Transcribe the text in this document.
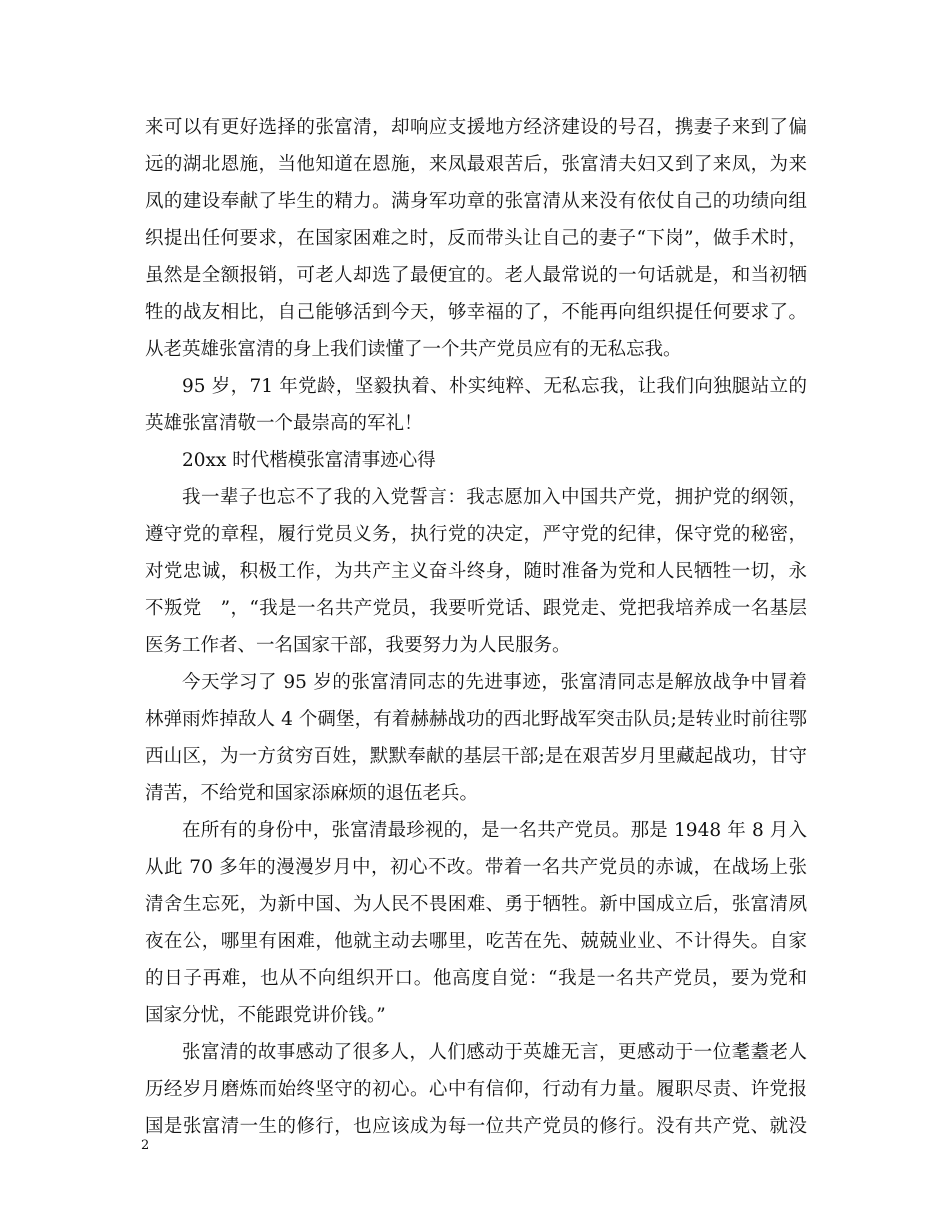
来可以有更好选择的张富清，却响应支援地方经济建设的号召，携妻子来到了偏
远的湖北恩施，当他知道在恩施，来凤最艰苦后，张富清夫妇又到了来凤，为来
凤的建设奉献了毕生的精力。满身军功章的张富清从来没有依仗自己的功绩向组
织提出任何要求，在国家困难之时，反而带头让自己的妻子“下岗”，做手术时，
虽然是全额报销，可老人却选了最便宜的。老人最常说的一句话就是，和当初牺
牲的战友相比，自己能够活到今天，够幸福的了，不能再向组织提任何要求了。
从老英雄张富清的身上我们读懂了一个共产党员应有的无私忘我。
95 岁，71 年党龄，坚毅执着、朴实纯粹、无私忘我，让我们向独腿站立的
英雄张富清敬一个最崇高的军礼！
20xx 时代楷模张富清事迹心得
我一辈子也忘不了我的入党誓言：我志愿加入中国共产党，拥护党的纲领，
遵守党的章程，履行党员义务，执行党的决定，严守党的纪律，保守党的秘密，
对党忠诚，积极工作，为共产主义奋斗终身，随时准备为党和人民牺牲一切，永
不叛党　”，“我是一名共产党员，我要听党话、跟党走、党把我培养成一名基层
医务工作者、一名国家干部，我要努力为人民服务。
今天学习了 95 岁的张富清同志的先进事迹，张富清同志是解放战争中冒着
林弹雨炸掉敌人 4 个碉堡，有着赫赫战功的西北野战军突击队员;是转业时前往鄂
西山区，为一方贫穷百姓，默默奉献的基层干部;是在艰苦岁月里藏起战功，甘守
清苦，不给党和国家添麻烦的退伍老兵。
在所有的身份中，张富清最珍视的，是一名共产党员。那是 1948 年 8 月入
从此 70 多年的漫漫岁月中，初心不改。带着一名共产党员的赤诚，在战场上张
清舍生忘死，为新中国、为人民不畏困难、勇于牺牲。新中国成立后，张富清夙
夜在公，哪里有困难，他就主动去哪里，吃苦在先、兢兢业业、不计得失。自家
的日子再难，也从不向组织开口。他高度自觉：“我是一名共产党员，要为党和
国家分忧，不能跟党讲价钱。”
张富清的故事感动了很多人，人们感动于英雄无言，更感动于一位耄耋老人
历经岁月磨炼而始终坚守的初心。心中有信仰，行动有力量。履职尽责、许党报
国是张富清一生的修行，也应该成为每一位共产党员的修行。没有共产党、就没
2
